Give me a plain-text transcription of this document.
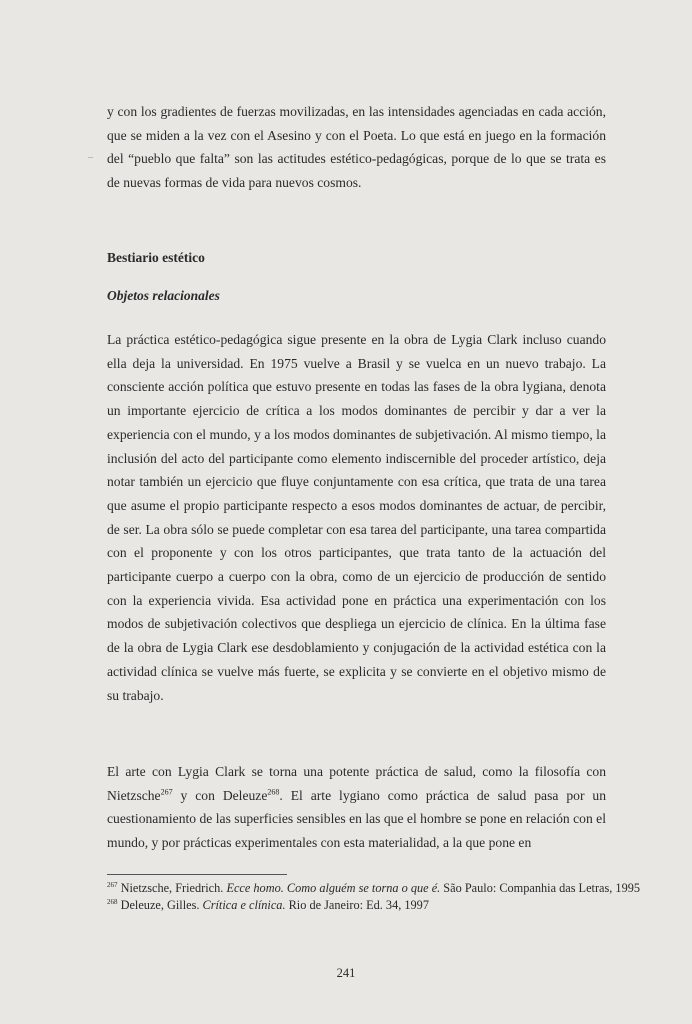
y con los gradientes de fuerzas movilizadas, en las intensidades agenciadas en cada acción, que se miden a la vez con el Asesino y con el Poeta. Lo que está en juego en la formación del “pueblo que falta” son las actitudes estético-pedagógicas, porque de lo que se trata es de nuevas formas de vida para nuevos cosmos.

Bestiario estético
Objetos relacionales

La práctica estético-pedagógica sigue presente en la obra de Lygia Clark incluso cuando ella deja la universidad. En 1975 vuelve a Brasil y se vuelca en un nuevo trabajo. La consciente acción política que estuvo presente en todas las fases de la obra lygiana, denota un importante ejercicio de crítica a los modos dominantes de percibir y dar a ver la experiencia con el mundo, y a los modos dominantes de subjetivación. Al mismo tiempo, la inclusión del acto del participante como elemento indiscernible del proceder artístico, deja notar también un ejercicio que fluye conjuntamente con esa crítica, que trata de una tarea que asume el propio participante respecto a esos modos dominantes de actuar, de percibir, de ser. La obra sólo se puede completar con esa tarea del participante, una tarea compartida con el proponente y con los otros participantes, que trata tanto de la actuación del participante cuerpo a cuerpo con la obra, como de un ejercicio de producción de sentido con la experiencia vivida. Esa actividad pone en práctica una experimentación con los modos de subjetivación colectivos que despliega un ejercicio de clínica. En la última fase de la obra de Lygia Clark ese desdoblamiento y conjugación de la actividad estética con la actividad clínica se vuelve más fuerte, se explicita y se convierte en el objetivo mismo de su trabajo.

El arte con Lygia Clark se torna una potente práctica de salud, como la filosofía con Nietzsche$^{267}$ y con Deleuze$^{268}$. El arte lygiano como práctica de salud pasa por un cuestionamiento de las superficies sensibles en las que el hombre se pone en relación con el mundo, y por prácticas experimentales con esta materialidad, a la que pone en

$^{267}$ Nietzsche, Friedrich. Ecce homo. Como alguém se torna o que é. São Paulo: Companhia das Letras, 1995

$^{268}$ Deleuze, Gilles. Crítica e clínica. Rio de Janeiro: Ed. 34, 1997

241
